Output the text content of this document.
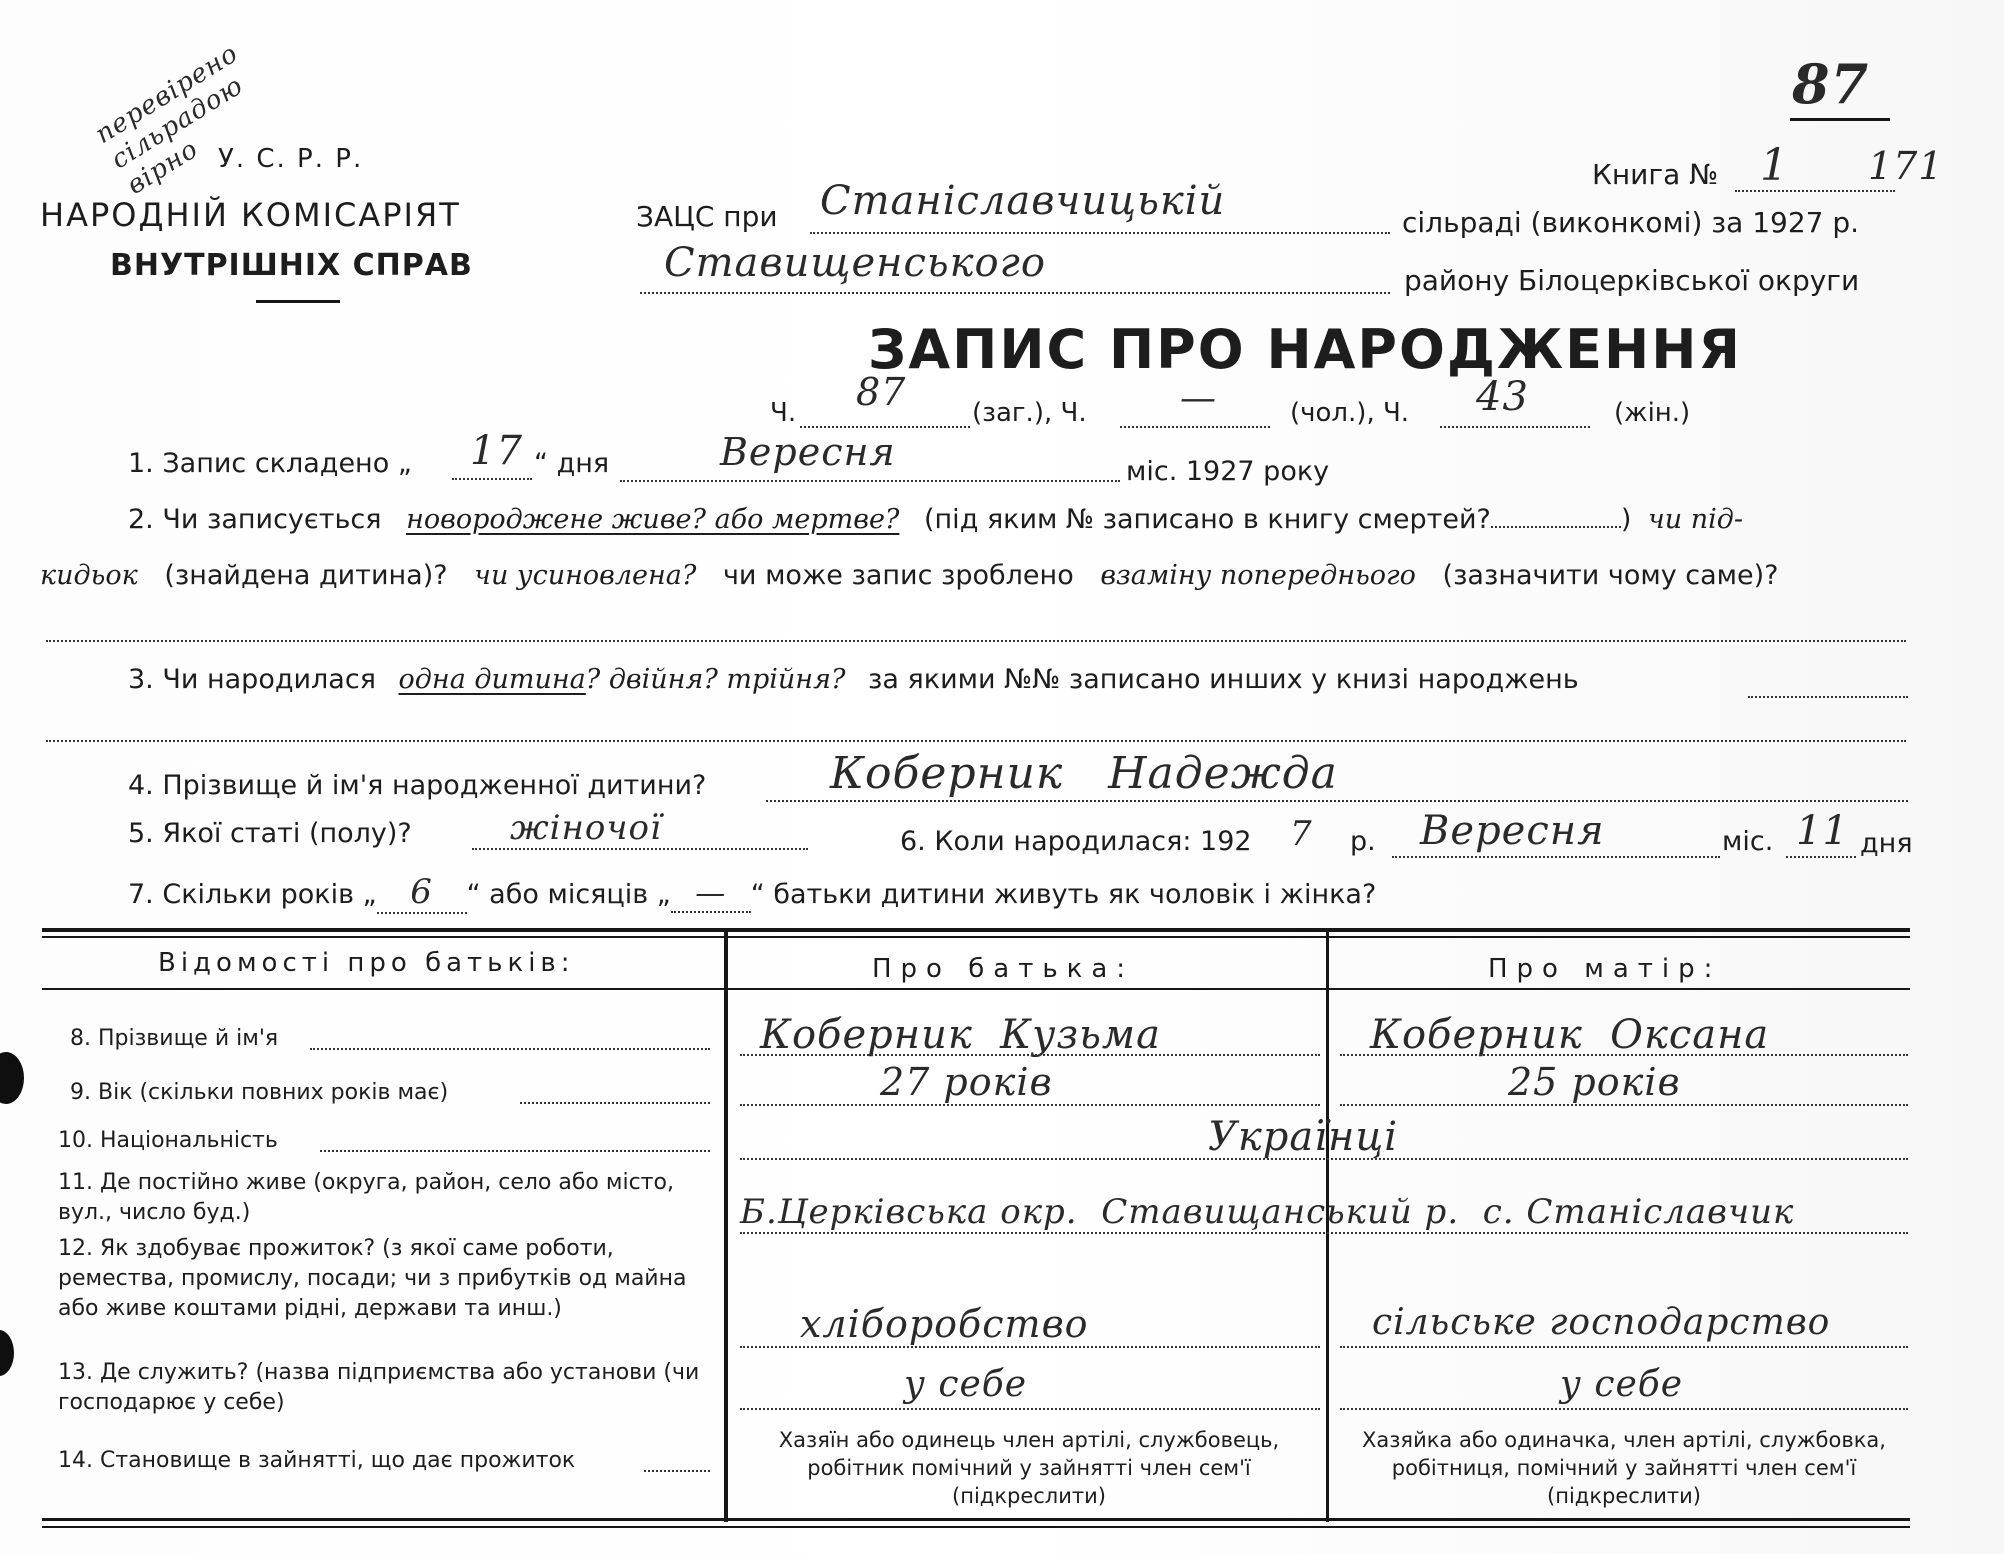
перевірено сільрадою вірно У. С. Р. Р.
НАРОДНІЙ КОМІСАРІЯТ
ВНУТРІШНІХ СПРАВ
87
Книга № 1 171
ЗАЦС при Станіславчицькій	сільраді (виконкомі) за 1927 р.
Ставищенського	району Білоцерківської округи
ЗАПИС ПРО НАРОДЖЕННЯ
Ч. 87	(заг.), Ч.	—	(чол.), Ч. 43	(жін.)
1. Запис складено „ 17 “ дня	Вересня	міс. 1927 року
2. Чи записується новороджене живе? або мертве? (під яким № записано в книгу смертей?	) чи під-
кидьок (знайдена дитина)? чи усиновлена? чи може запис зроблено взаміну попереднього (зазначити чому саме)?
3. Чи народилася одна дитина? двійня? трійня? за якими №№ записано инших у книзі народжень
4. Прізвище й ім'я народженної дитини?	Коберник   Надежда
5. Якої статі (полу)?	жіночої	6. Коли народилася: 192 7 р. Вересня	міс. 11 дня
7. Скільки років „ 6 “ або місяців „ — “ батьки дитини живуть як чоловік і жінка?
Відомості про батьків:	Про батька:	Про матір:
8. Прізвище й ім'я	Коберник  Кузьма	Коберник  Оксана
9. Вік (скільки повних років має)	27 років	25 років
10. Національність	Українці
11. Де постійно живе (округа, район, село або місто, вул., число буд.)	Б.Церківська окр.  Ставищанський р.  с. Станіславчик
12. Як здобуває прожиток? (з якої саме роботи, ремества, промислу, посади; чи з прибутків од майна або живе коштами рідні, держави та инш.)	хліборобство	сільське господарство
13. Де служить? (назва підприємства або установи (чи господарює у себе)	у себе	у себе
14. Становище в зайнятті, що дає прожиток
Хазяїн або одинець член артілі, службовець, робітник помічний у зайнятті член сем'ї (підкреслити)
Хазяйка або одиначка, член артілі, службовка, робітниця, помічний у зайнятті член сем'ї (підкреслити)
